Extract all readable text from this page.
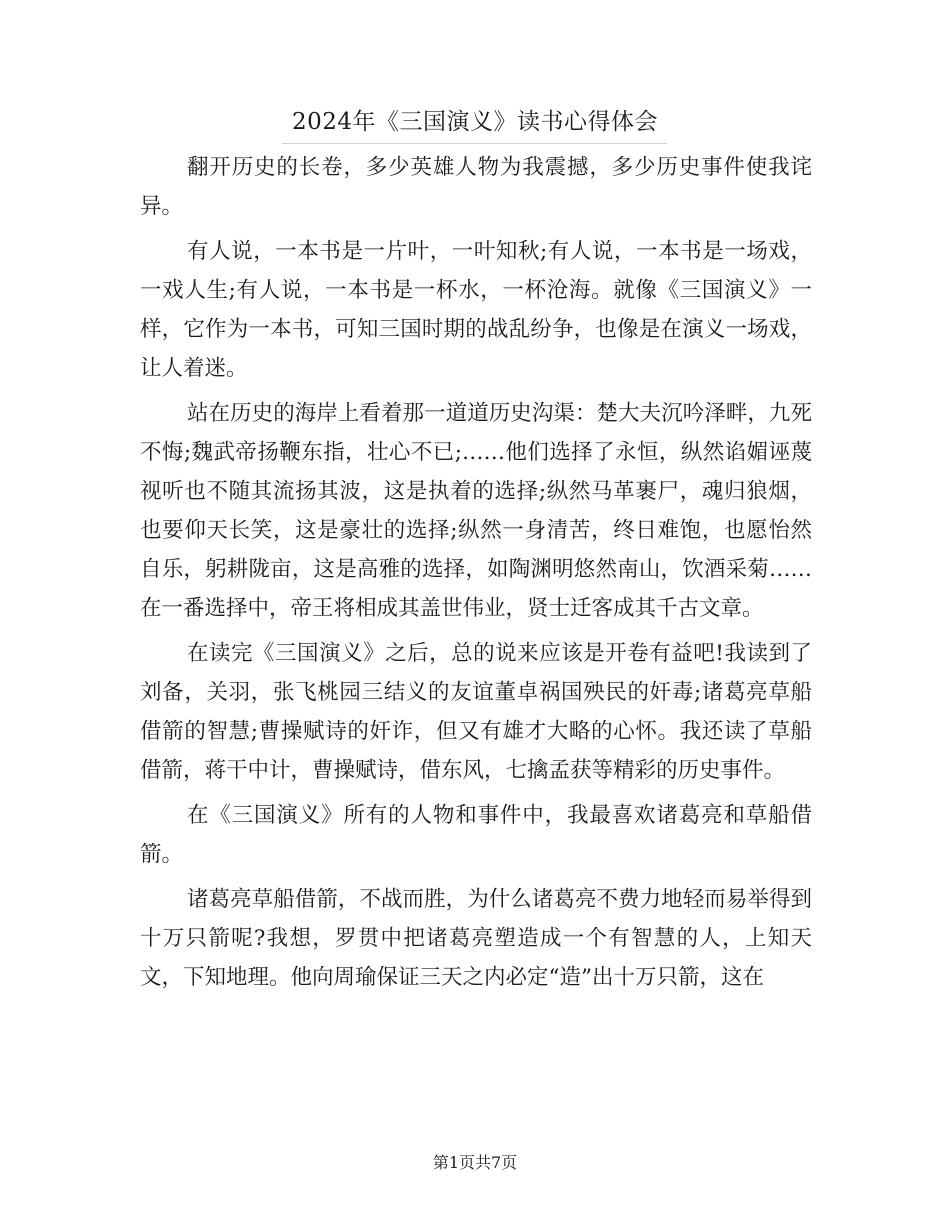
2024年《三国演义》读书心得体会

翻开历史的长卷，多少英雄人物为我震撼，多少历史事件使我诧异。

有人说，一本书是一片叶，一叶知秋;有人说，一本书是一场戏，一戏人生;有人说，一本书是一杯水，一杯沧海。就像《三国演义》一样，它作为一本书，可知三国时期的战乱纷争，也像是在演义一场戏，让人着迷。

站在历史的海岸上看着那一道道历史沟渠：楚大夫沉吟泽畔，九死不悔;魏武帝扬鞭东指，壮心不已;……他们选择了永恒，纵然谄媚诬蔑视听也不随其流扬其波，这是执着的选择;纵然马革裹尸，魂归狼烟，也要仰天长笑，这是豪壮的选择;纵然一身清苦，终日难饱，也愿怡然自乐，躬耕陇亩，这是高雅的选择，如陶渊明悠然南山，饮酒采菊……在一番选择中，帝王将相成其盖世伟业，贤士迁客成其千古文章。

在读完《三国演义》之后，总的说来应该是开卷有益吧!我读到了刘备，关羽，张飞桃园三结义的友谊董卓祸国殃民的奸毒;诸葛亮草船借箭的智慧;曹操赋诗的奸诈，但又有雄才大略的心怀。我还读了草船借箭，蒋干中计，曹操赋诗，借东风，七擒孟获等精彩的历史事件。

在《三国演义》所有的人物和事件中，我最喜欢诸葛亮和草船借箭。

诸葛亮草船借箭，不战而胜，为什么诸葛亮不费力地轻而易举得到十万只箭呢?我想，罗贯中把诸葛亮塑造成一个有智慧的人，上知天文，下知地理。他向周瑜保证三天之内必定“造”出十万只箭，这在

第1页共7页
